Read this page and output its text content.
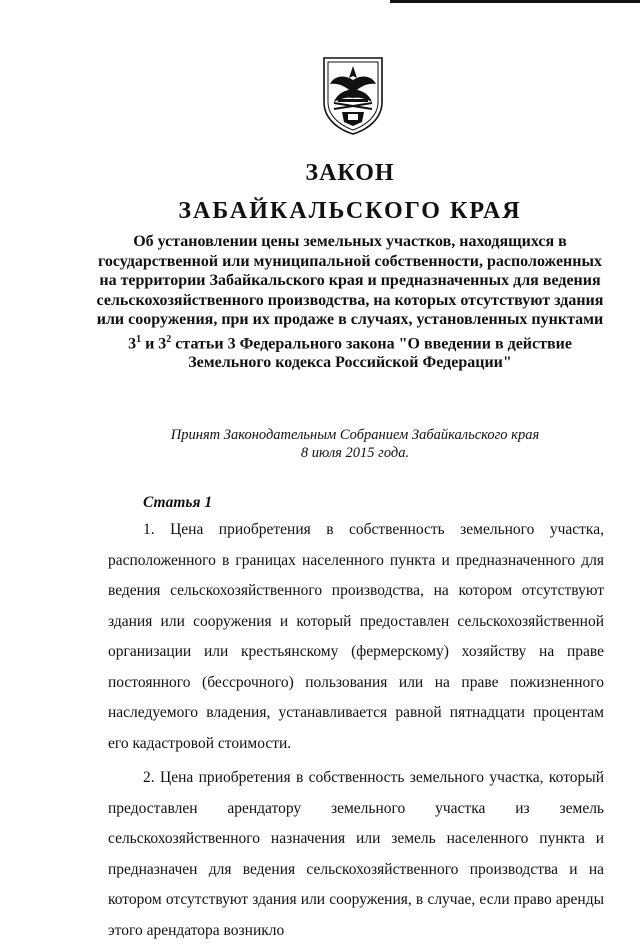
ЗАКОН
ЗАБАЙКАЛЬСКОГО КРАЯ
Об установлении цены земельных участков, находящихся в государственной или муниципальной собственности, расположенных на территории Забайкальского края и предназначенных для ведения сельскохозяйственного производства, на которых отсутствуют здания или сооружения, при их продаже в случаях, установленных пунктами $3^1$ и $3^2$ статьи 3 Федерального закона "О введении в действие Земельного кодекса Российской Федерации"
Принят Законодательным Собранием Забайкальского края
8 июля 2015 года.
Статья 1

1. Цена приобретения в собственность земельного участка, расположенного в границах населенного пункта и предназначенного для ведения сельскохозяйственного производства, на котором отсутствуют здания или сооружения и который предоставлен сельскохозяйственной организации или крестьянскому (фермерскому) хозяйству на праве постоянного (бессрочного) пользования или на праве пожизненного наследуемого владения, устанавливается равной пятнадцати процентам его кадастровой стоимости.

2. Цена приобретения в собственность земельного участка, который предоставлен арендатору земельного участка из земель сельскохозяйственного назначения или земель населенного пункта и предназначен для ведения сельскохозяйственного производства и на котором отсутствуют здания или сооружения, в случае, если право аренды этого арендатора возникло
